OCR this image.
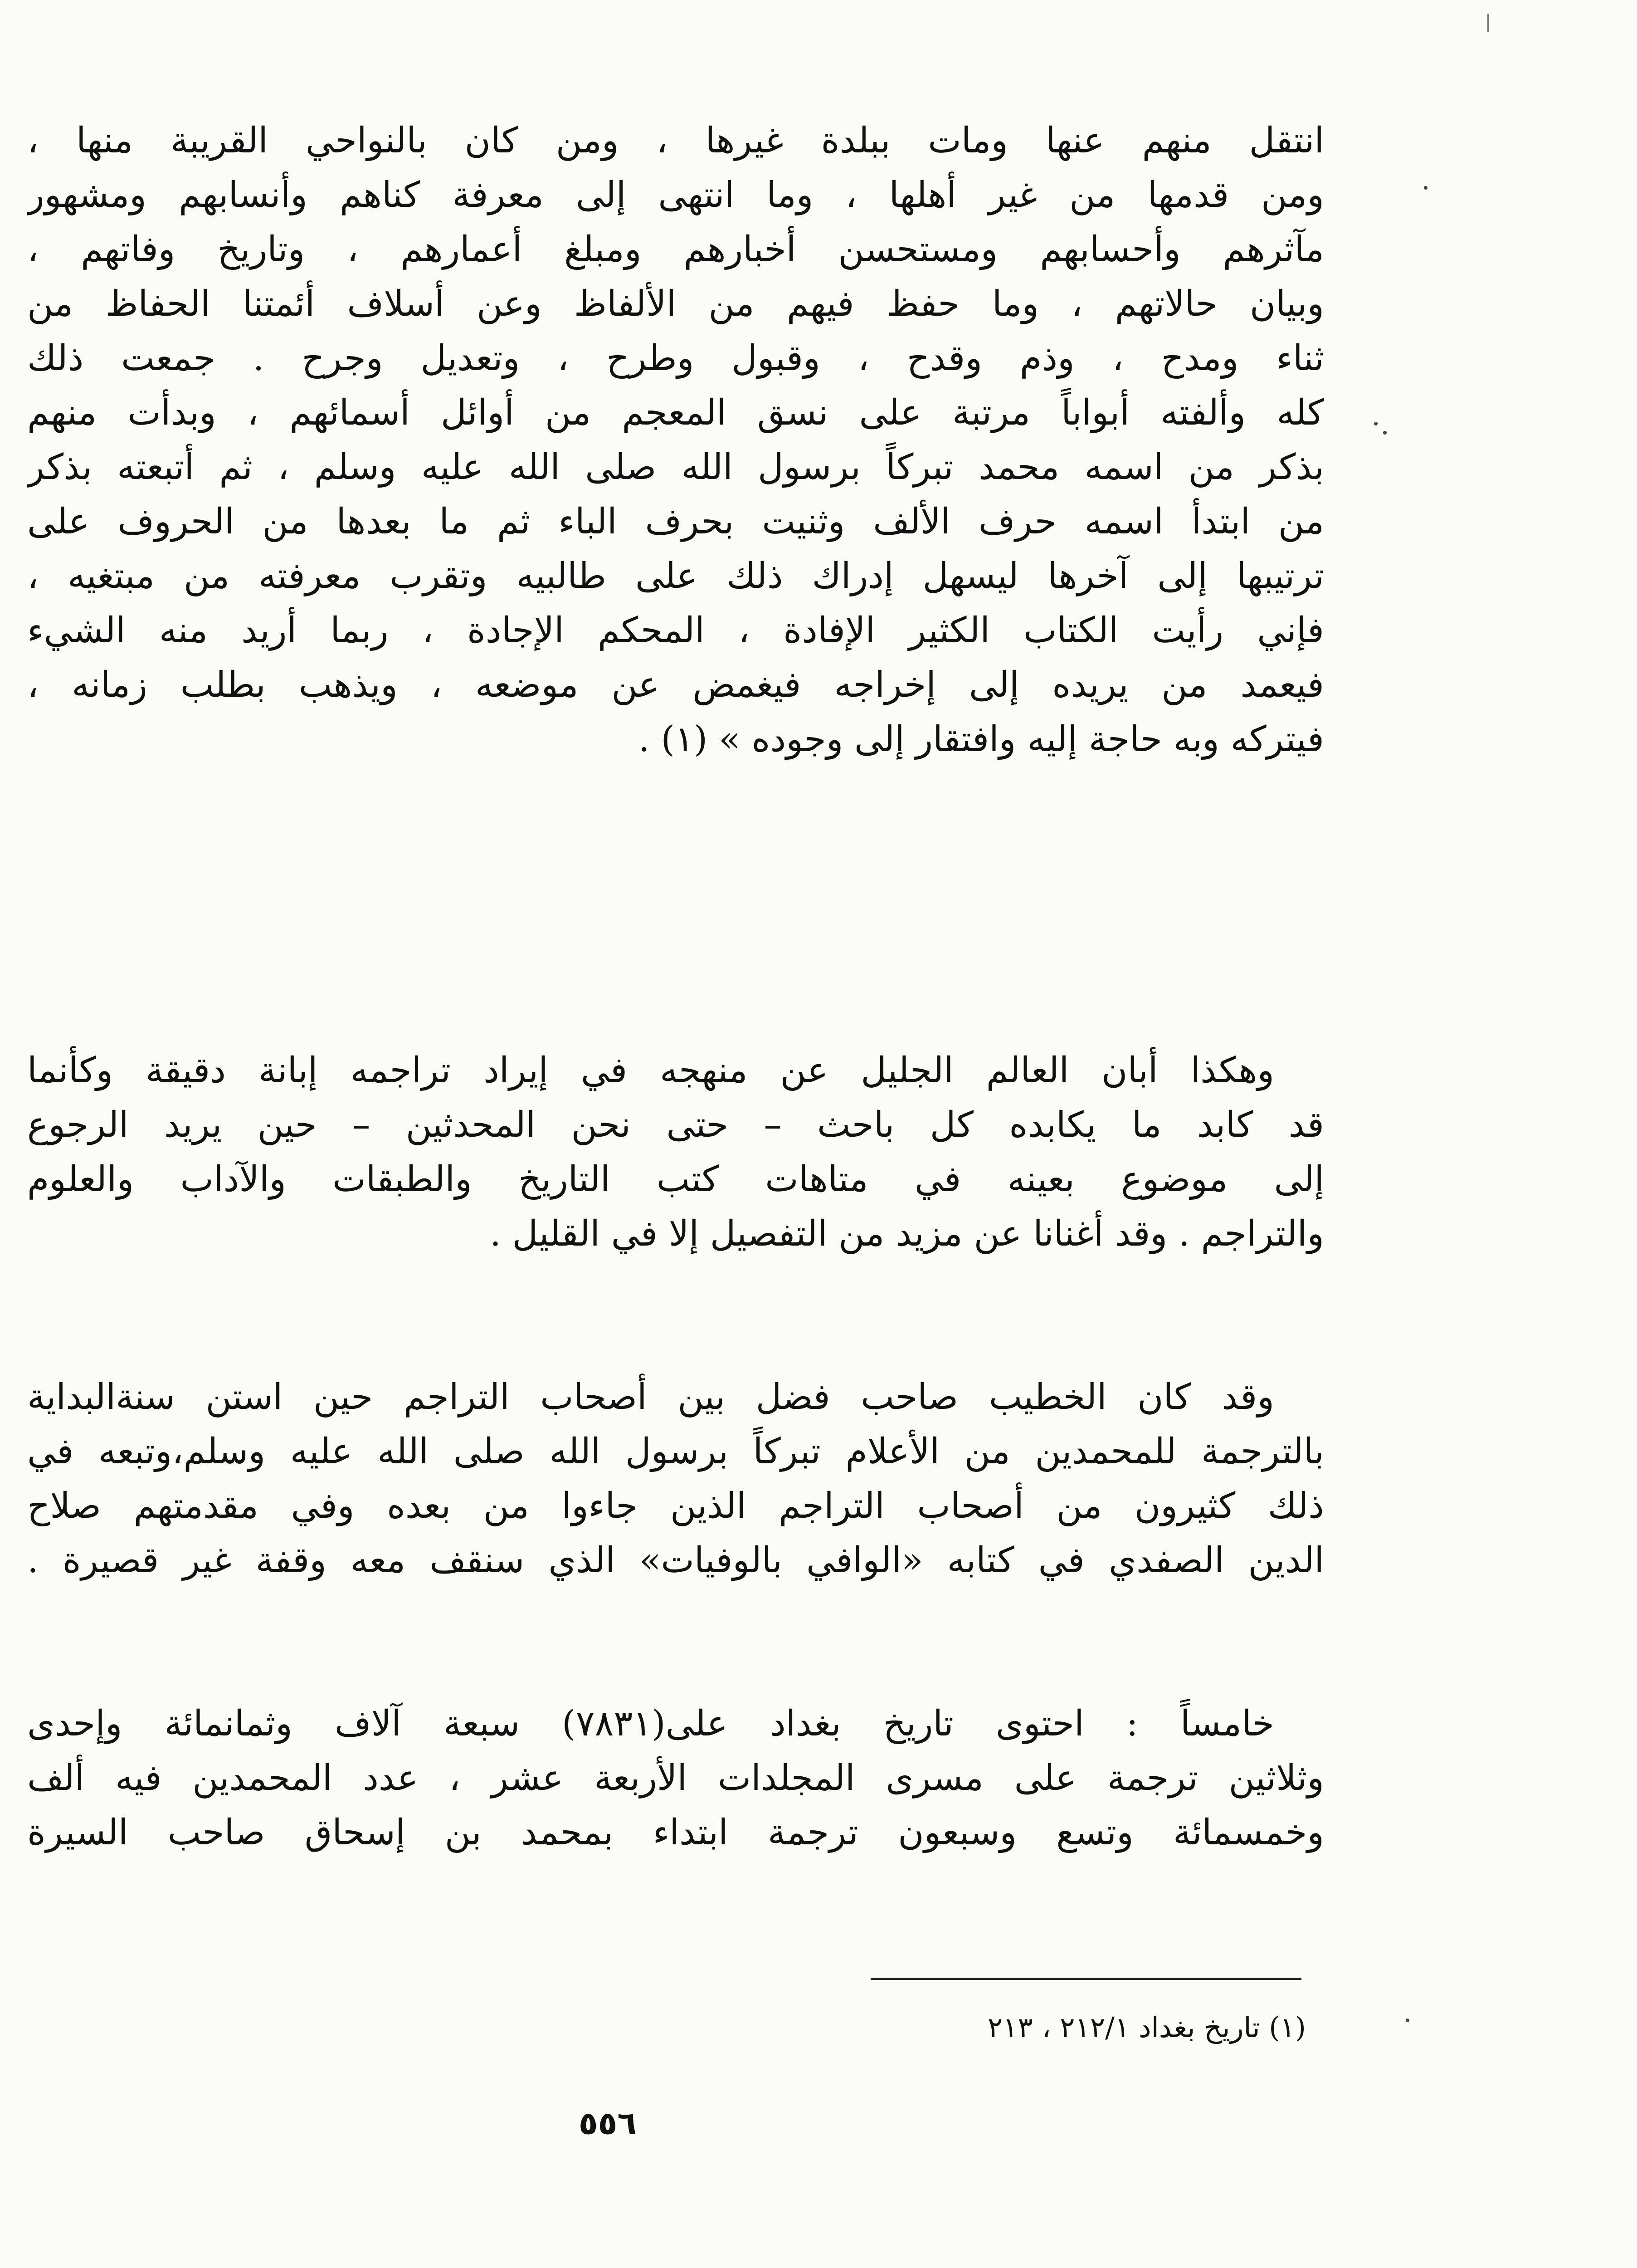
انتقل منهم عنها ومات ببلدة غيرها ، ومن كان بالنواحي القريبة منها ،
ومن قدمها من غير أهلها ، وما انتهى إلى معرفة كناهم وأنسابهم ومشهور
مآثرهم وأحسابهم ومستحسن أخبارهم ومبلغ أعمارهم ، وتاريخ وفاتهم ،
وبيان حالاتهم ، وما حفظ فيهم من الألفاظ وعن أسلاف أئمتنا الحفاظ من
ثناء ومدح ، وذم وقدح ، وقبول وطرح ، وتعديل وجرح . جمعت ذلك
كله وألفته أبواباً مرتبة على نسق المعجم من أوائل أسمائهم ، وبدأت منهم
بذكر من اسمه محمد تبركاً برسول الله صلى الله عليه وسلم ، ثم أتبعته بذكر
من ابتدأ اسمه حرف الألف وثنيت بحرف الباء ثم ما بعدها من الحروف على
ترتيبها إلى آخرها ليسهل إدراك ذلك على طالبيه وتقرب معرفته من مبتغيه ،
فإني رأيت الكتاب الكثير الإفادة ، المحكم الإجادة ، ربما أريد منه الشيء
فيعمد من يريده إلى إخراجه فيغمض عن موضعه ، ويذهب بطلب زمانه ،
فيتركه وبه حاجة إليه وافتقار إلى وجوده » (١) .
وهكذا أبان العالم الجليل عن منهجه في إيراد تراجمه إبانة دقيقة وكأنما
قد كابد ما يكابده كل باحث – حتى نحن المحدثين – حين يريد الرجوع
إلى موضوع بعينه في متاهات كتب التاريخ والطبقات والآداب والعلوم
والتراجم . وقد أغنانا عن مزيد من التفصيل إلا في القليل .
وقد كان الخطيب صاحب فضل بين أصحاب التراجم حين استن سنةالبداية
بالترجمة للمحمدين من الأعلام تبركاً برسول الله صلى الله عليه وسلم،وتبعه في
ذلك كثيرون من أصحاب التراجم الذين جاءوا من بعده وفي مقدمتهم صلاح
الدين الصفدي في كتابه «الوافي بالوفيات» الذي سنقف معه وقفة غير قصيرة .
خامساً : احتوى تاريخ بغداد على(٧٨٣١) سبعة آلاف وثمانمائة وإحدى
وثلاثين ترجمة على مسرى المجلدات الأربعة عشر ، عدد المحمدين فيه ألف
وخمسمائة وتسع وسبعون ترجمة ابتداء بمحمد بن إسحاق صاحب السيرة
(١) تاريخ بغداد ٢١٢/١ ، ٢١٣
٥٥٦
